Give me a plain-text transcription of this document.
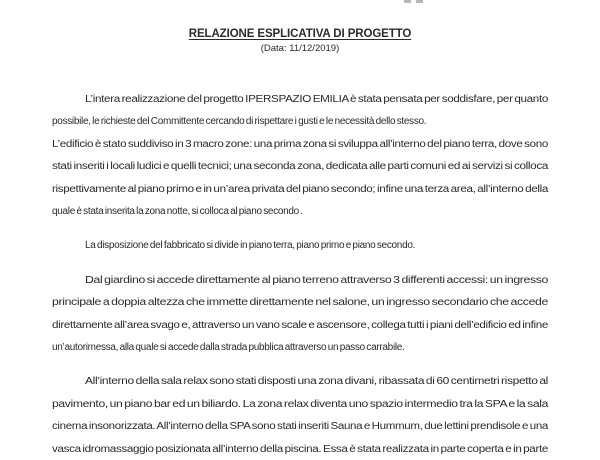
RELAZIONE ESPLICATIVA DI PROGETTO
(Data: 11/12/2019)
L’intera realizzazione del progetto IPERSPAZIO EMILIA è stata pensata per soddisfare, per quanto
possibile, le richieste del Committente cercando di rispettare i gusti e le necessità dello stesso.
L’edificio è stato suddiviso in 3 macro zone: una prima zona si sviluppa all’interno del piano terra, dove sono
stati inseriti i locali ludici e quelli tecnici; una seconda zona, dedicata alle parti comuni ed ai servizi si colloca
rispettivamente al piano primo e in un’area privata del piano secondo; infine una terza area, all’interno della
quale è stata inserita la zona notte, si colloca al piano secondo .
La disposizione del fabbricato si divide in piano terra, piano primo e piano secondo.
Dal giardino si accede direttamente al piano terreno attraverso 3 differenti accessi: un ingresso
principale a doppia altezza che immette direttamente nel salone, un ingresso secondario che accede
direttamente all’area svago e, attraverso un vano scale e ascensore, collega tutti i piani dell’edificio ed infine
un’autorimessa, alla quale si accede dalla strada pubblica attraverso un passo carrabile.
All’interno della sala relax sono stati disposti una zona divani, ribassata di 60 centimetri rispetto al
pavimento, un piano bar ed un biliardo. La zona relax diventa uno spazio intermedio tra la SPA e la sala
cinema insonorizzata. All’interno della SPA sono stati inseriti Sauna e Hummum, due lettini prendisole e una
vasca idromassaggio posizionata all’interno della piscina. Essa è stata realizzata in parte coperta e in parte
